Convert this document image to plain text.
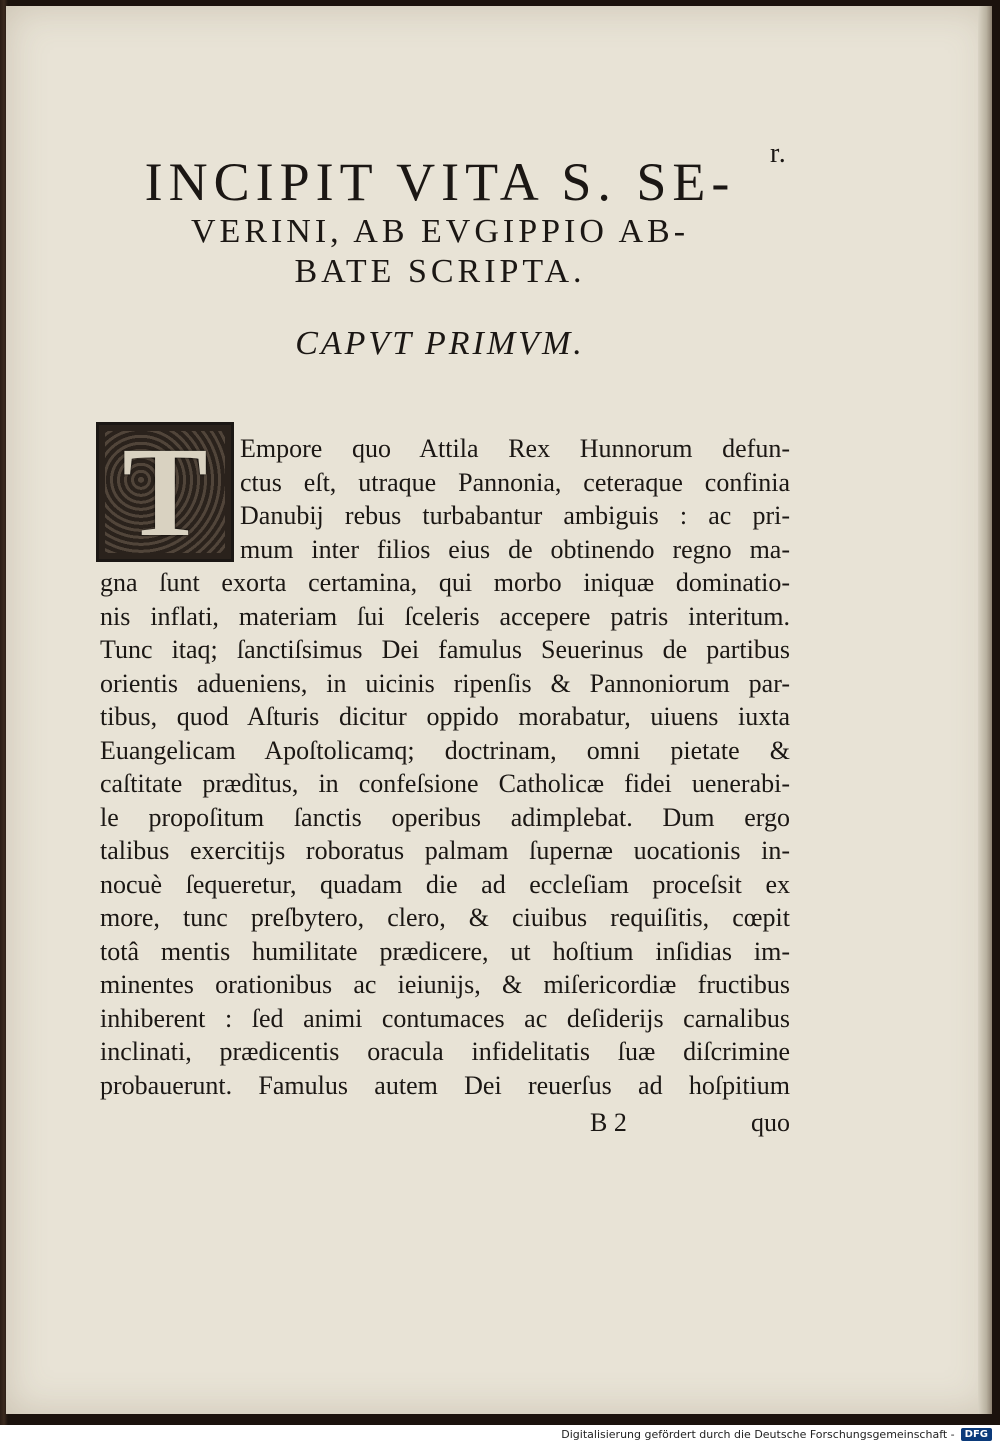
r.
INCIPIT VITA S. SE-
VERINI, AB EVGIPPIO AB-
BATE SCRIPTA.
CAPVT PRIMVM.
T	Empore quo Attila Rex Hunnorum defun-
ctus eſt, utraque Pannonia, ceteraque confinia
Danubij rebus turbabantur ambiguis : ac pri-
mum inter filios eius de obtinendo regno ma-
gna ſunt exorta certamina, qui morbo iniquæ dominatio-
nis inflati, materiam ſui ſceleris accepere patris interitum.
Tunc itaq; ſanctiſsimus Dei famulus Seuerinus de partibus
orientis adueniens, in uicinis ripenſis & Pannoniorum par-
tibus, quod Aſturis dicitur oppido morabatur, uiuens iuxta
Euangelicam Apoſtolicamq; doctrinam, omni pietate &
caſtitate prædìtus, in confeſsione Catholicæ fidei uenerabi-
le propoſitum ſanctis operibus adimplebat. Dum ergo
talibus exercitijs roboratus palmam ſupernæ uocationis in-
nocuè ſequeretur, quadam die ad eccleſiam proceſsit ex
more, tunc preſbytero, clero, & ciuibus requiſitis, cœpit
totâ mentis humilitate prædicere, ut hoſtium inſidias im-
minentes orationibus ac ieiunijs, & miſericordiæ fructibus
inhiberent : ſed animi contumaces ac deſiderijs carnalibus
inclinati, prædicentis oracula infidelitatis ſuæ diſcrimine
probauerunt. Famulus autem Dei reuerſus ad hoſpitium
B 2	quo
Digitalisierung gefördert durch die Deutsche Forschungsgemeinschaft -	DFG
